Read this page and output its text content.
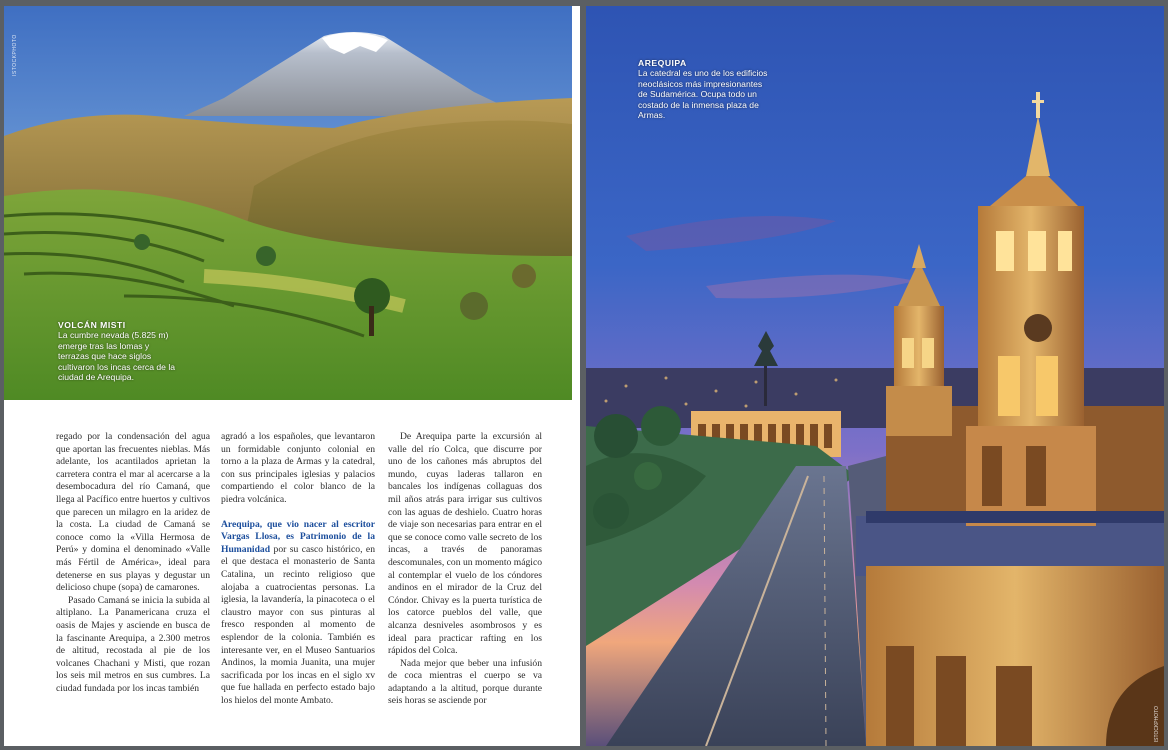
ISTOCKPHOTO
VOLCÁN MISTI
La cumbre nevada (5.825 m) emerge tras las lomas y terrazas que hace siglos cultivaron los incas cerca de la ciudad de Arequipa.

regado por la condensación del agua que aportan las frecuentes nieblas. Más adelante, los acantilados aprietan la carretera contra el mar al acercarse a la desembocadura del río Camaná, que llega al Pacífico entre huertos y cultivos que parecen un milagro en la aridez de la costa. La ciudad de Camaná se conoce como la «Villa Hermosa de Perú» y domina el denominado «Valle más Fértil de América», ideal para detenerse en sus playas y degustar un delicioso chupe (sopa) de camarones.

Pasado Camaná se inicia la subida al altiplano. La Panamericana cruza el oasis de Majes y asciende en busca de la fascinante Arequipa, a 2.300 metros de altitud, recostada al pie de los volcanes Chachani y Misti, que rozan los seis mil metros en sus cumbres. La ciudad fundada por los incas también

agradó a los españoles, que levantaron un formidable conjunto colonial en torno a la plaza de Armas y la catedral, con sus principales iglesias y palacios compartiendo el color blanco de la piedra volcánica.

Arequipa, que vio nacer al escritor Vargas Llosa, es Patrimonio de la Humanidad por su casco histórico, en el que destaca el monasterio de Santa Catalina, un recinto religioso que alojaba a cuatrocientas personas. La iglesia, la lavandería, la pinacoteca o el claustro mayor con sus pinturas al fresco responden al momento de esplendor de la colonia. También es interesante ver, en el Museo Santuarios Andinos, la momia Juanita, una mujer sacrificada por los incas en el siglo xv que fue hallada en perfecto estado bajo los hielos del monte Ambato.

De Arequipa parte la excursión al valle del río Colca, que discurre por uno de los cañones más abruptos del mundo, cuyas laderas tallaron en bancales los indígenas collaguas dos mil años atrás para irrigar sus cultivos con las aguas de deshielo. Cuatro horas de viaje son necesarias para entrar en el que se conoce como valle secreto de los incas, a través de panoramas descomunales, con un momento mágico al contemplar el vuelo de los cóndores andinos en el mirador de la Cruz del Cóndor. Chivay es la puerta turística de los catorce pueblos del valle, que alcanza desniveles asombrosos y es ideal para practicar rafting en los rápidos del Colca.

Nada mejor que beber una infusión de coca mientras el cuerpo se va adaptando a la altitud, porque durante seis horas se asciende por

AREQUIPA
La catedral es uno de los edificios neoclásicos más impresionantes de Sudamérica. Ocupa todo un costado de la inmensa plaza de Armas.
ISTOCKPHOTO
